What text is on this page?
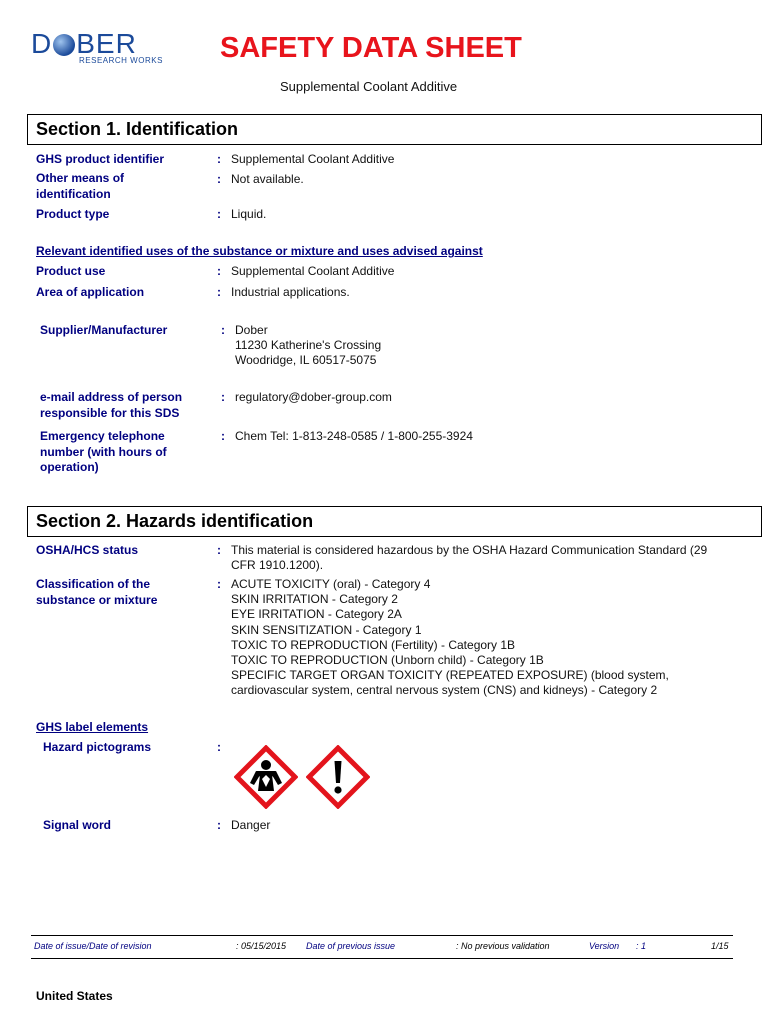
D BER
RESEARCH WORKS SAFETY DATA SHEET
Supplemental Coolant Additive
Section 1. Identification
GHS product identifier	: Supplemental Coolant Additive
Other means of identification
: Not available.
Product type	: Liquid.
Relevant identified uses of the substance or mixture and uses advised against
Product use	: Supplemental Coolant Additive
Area of application	: Industrial applications.
Supplier/Manufacturer	: Dober
11230 Katherine's Crossing
Woodridge, IL 60517-5075
e-mail address of person responsible for this SDS
: regulatory@dober-group.com
Emergency telephone number (with hours of operation)
: Chem Tel: 1-813-248-0585 / 1-800-255-3924
Section 2. Hazards identification
OSHA/HCS status	: This material is considered hazardous by the OSHA Hazard Communication Standard (29 CFR 1910.1200).
Classification of the substance or mixture
: ACUTE TOXICITY (oral) - Category 4
SKIN IRRITATION - Category 2
EYE IRRITATION - Category 2A
SKIN SENSITIZATION - Category 1
TOXIC TO REPRODUCTION (Fertility) - Category 1B
TOXIC TO REPRODUCTION (Unborn child) - Category 1B
SPECIFIC TARGET ORGAN TOXICITY (REPEATED EXPOSURE) (blood system,
cardiovascular system, central nervous system (CNS) and kidneys) - Category 2
GHS label elements
Hazard pictograms	:
Signal word	: Danger
Date of issue/Date of revision	: 05/15/2015 Date of previous issue	: No previous validation	Version : 1	1/15
United States
